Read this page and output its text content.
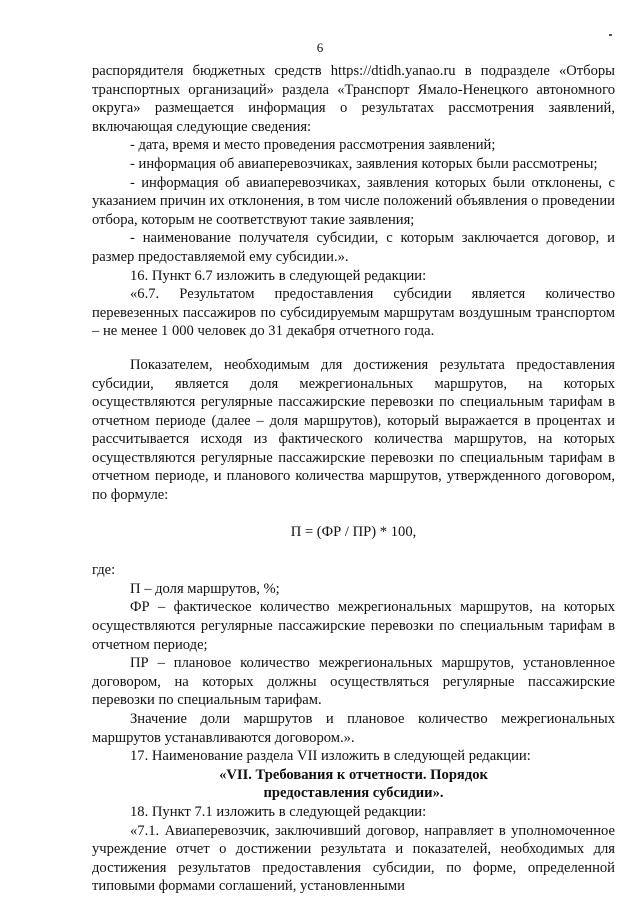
6

распорядителя бюджетных средств https://dtidh.yanao.ru в подразделе «Отборы транспортных организаций» раздела «Транспорт Ямало-Ненецкого автономного округа» размещается информация о результатах рассмотрения заявлений, включающая следующие сведения:

- дата, время и место проведения рассмотрения заявлений;

- информация об авиаперевозчиках, заявления которых были рассмотрены;

- информация об авиаперевозчиках, заявления которых были отклонены, с указанием причин их отклонения, в том числе положений объявления о проведении отбора, которым не соответствуют такие заявления;

- наименование получателя субсидии, с которым заключается договор, и размер предоставляемой ему субсидии.».

16. Пункт 6.7 изложить в следующей редакции:

«6.7. Результатом предоставления субсидии является количество перевезенных пассажиров по субсидируемым маршрутам воздушным транспортом – не менее 1 000 человек до 31 декабря отчетного года.

Показателем, необходимым для достижения результата предоставления субсидии, является доля межрегиональных маршрутов, на которых осуществляются регулярные пассажирские перевозки по специальным тарифам в отчетном периоде (далее – доля маршрутов), который выражается в процентах и рассчитывается исходя из фактического количества маршрутов, на которых осуществляются регулярные пассажирские перевозки по специальным тарифам в отчетном периоде, и планового количества маршрутов, утвержденного договором, по формуле:

П = (ФР / ПР) * 100,

где:

П – доля маршрутов, %;

ФР – фактическое количество межрегиональных маршрутов, на которых осуществляются регулярные пассажирские перевозки по специальным тарифам в отчетном периоде;

ПР – плановое количество межрегиональных маршрутов, установленное договором, на которых должны осуществляться регулярные пассажирские перевозки по специальным тарифам.

Значение доли маршрутов и плановое количество межрегиональных маршрутов устанавливаются договором.».

17. Наименование раздела VII изложить в следующей редакции:

«VII. Требования к отчетности. Порядок

предоставления субсидии».

18. Пункт 7.1 изложить в следующей редакции:

«7.1. Авиаперевозчик, заключивший договор, направляет в уполномоченное учреждение отчет о достижении результата и показателей, необходимых для достижения результатов предоставления субсидии, по форме, определенной типовыми формами соглашений, установленными
